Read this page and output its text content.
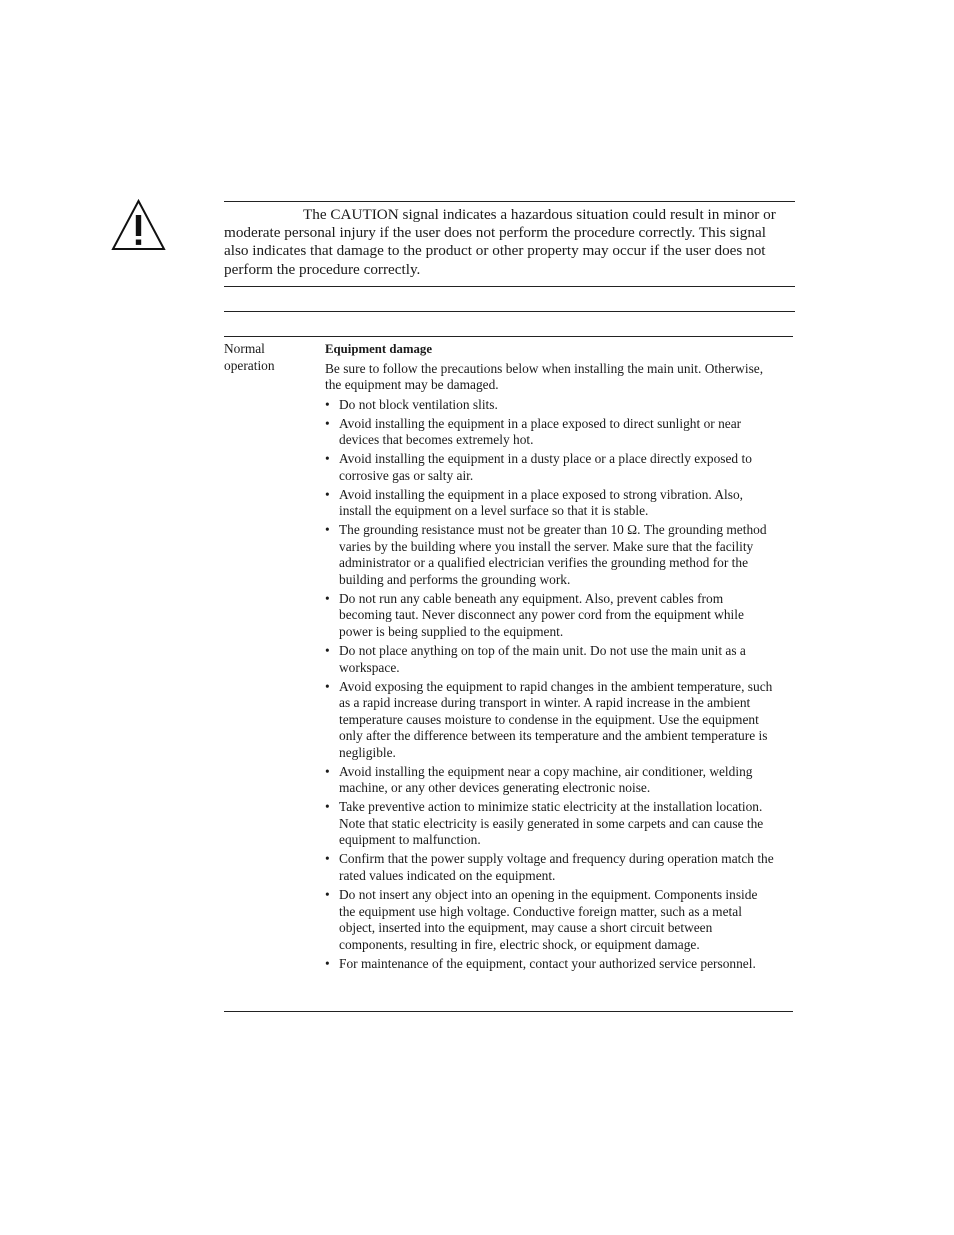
The CAUTION signal indicates a hazardous situation could result in minor or moderate personal injury if the user does not perform the procedure correctly. This signal also indicates that damage to the product or other property may occur if the user does not perform the procedure correctly.

Normal operation

Equipment damage

Be sure to follow the precautions below when installing the main unit. Otherwise, the equipment may be damaged.

• Do not block ventilation slits.
• Avoid installing the equipment in a place exposed to direct sunlight or near devices that becomes extremely hot.
• Avoid installing the equipment in a dusty place or a place directly exposed to corrosive gas or salty air.
• Avoid installing the equipment in a place exposed to strong vibration. Also, install the equipment on a level surface so that it is stable.
• The grounding resistance must not be greater than 10 Ω. The grounding method varies by the building where you install the server. Make sure that the facility administrator or a qualified electrician verifies the grounding method for the building and performs the grounding work.
• Do not run any cable beneath any equipment. Also, prevent cables from becoming taut. Never disconnect any power cord from the equipment while power is being supplied to the equipment.
• Do not place anything on top of the main unit. Do not use the main unit as a workspace.
• Avoid exposing the equipment to rapid changes in the ambient temperature, such as a rapid increase during transport in winter. A rapid increase in the ambient temperature causes moisture to condense in the equipment. Use the equipment only after the difference between its temperature and the ambient temperature is negligible.
• Avoid installing the equipment near a copy machine, air conditioner, welding machine, or any other devices generating electronic noise.
• Take preventive action to minimize static electricity at the installation location. Note that static electricity is easily generated in some carpets and can cause the equipment to malfunction.
• Confirm that the power supply voltage and frequency during operation match the rated values indicated on the equipment.
• Do not insert any object into an opening in the equipment. Components inside the equipment use high voltage. Conductive foreign matter, such as a metal object, inserted into the equipment, may cause a short circuit between components, resulting in fire, electric shock, or equipment damage.
• For maintenance of the equipment, contact your authorized service personnel.
